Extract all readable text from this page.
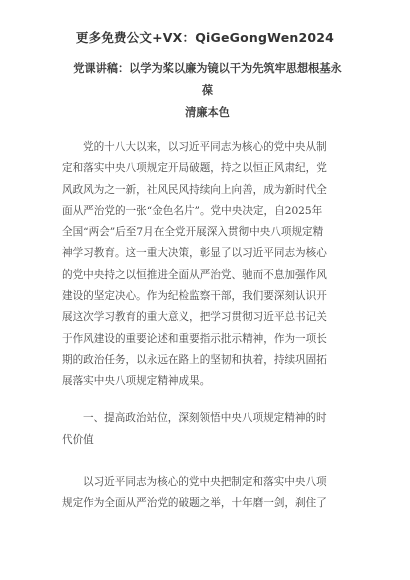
更多免费公文+VX：QiGeGongWen2024
党课讲稿：以学为桨以廉为镜以干为先筑牢思想根基永葆
清廉本色
党的十八大以来，以习近平同志为核心的党中央从制
定和落实中央八项规定开局破题，持之以恒正风肃纪，党
风政风为之一新，社风民风持续向上向善，成为新时代全
面从严治党的一张“金色名片”。党中央决定，自2025年
全国“两会”后至7月在全党开展深入贯彻中央八项规定精
神学习教育。这一重大决策，彰显了以习近平同志为核心
的党中央持之以恒推进全面从严治党、驰而不息加强作风
建设的坚定决心。作为纪检监察干部，我们要深刻认识开
展这次学习教育的重大意义，把学习贯彻习近平总书记关
于作风建设的重要论述和重要指示批示精神，作为一项长
期的政治任务，以永远在路上的坚韧和执着，持续巩固拓
展落实中央八项规定精神成果。
一、提高政治站位，深刻领悟中央八项规定精神的时
代价值
以习近平同志为核心的党中央把制定和落实中央八项
规定作为全面从严治党的破题之举，十年磨一剑，刹住了
